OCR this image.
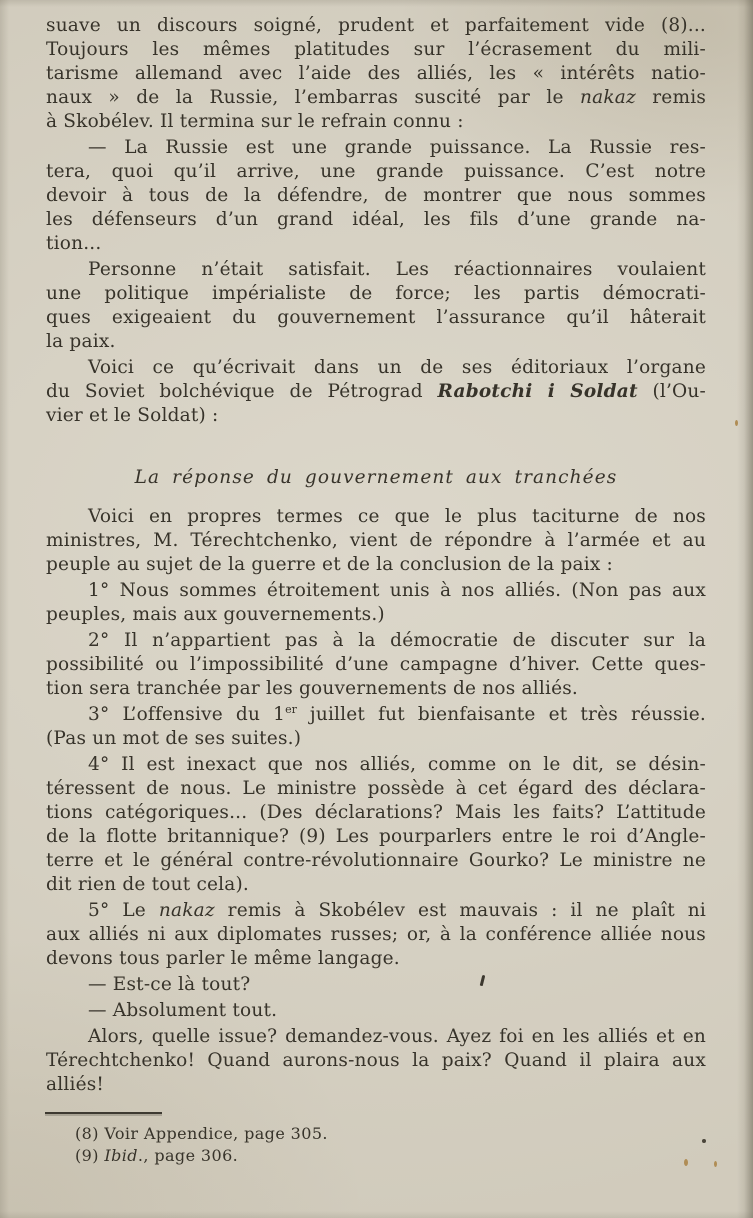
suave un discours soigné, prudent et parfaitement vide (8)...
Toujours les mêmes platitudes sur l’écrasement du mili-
tarisme allemand avec l’aide des alliés, les « intérêts natio-
naux » de la Russie, l’embarras suscité par le nakaz remis
à Skobélev. Il termina sur le refrain connu :
— La Russie est une grande puissance. La Russie res-
tera, quoi qu’il arrive, une grande puissance. C’est notre
devoir à tous de la défendre, de montrer que nous sommes
les défenseurs d’un grand idéal, les fils d’une grande na-
tion...
Personne n’était satisfait. Les réactionnaires voulaient
une politique impérialiste de force; les partis démocrati-
ques exigeaient du gouvernement l’assurance qu’il hâterait
la paix.
Voici ce qu’écrivait dans un de ses éditoriaux l’organe
du Soviet bolchévique de Pétrograd Rabotchi i Soldat (l’Ou-
vier et le Soldat) :
La réponse du gouvernement aux tranchées
Voici en propres termes ce que le plus taciturne de nos
ministres, M. Térechtchenko, vient de répondre à l’armée et au
peuple au sujet de la guerre et de la conclusion de la paix :
1° Nous sommes étroitement unis à nos alliés. (Non pas aux
peuples, mais aux gouvernements.)
2° Il n’appartient pas à la démocratie de discuter sur la
possibilité ou l’impossibilité d’une campagne d’hiver. Cette ques-
tion sera tranchée par les gouvernements de nos alliés.
3° L’offensive du 1er juillet fut bienfaisante et très réussie.
(Pas un mot de ses suites.)
4° Il est inexact que nos alliés, comme on le dit, se désin-
téressent de nous. Le ministre possède à cet égard des déclara-
tions catégoriques... (Des déclarations? Mais les faits? L’attitude
de la flotte britannique? (9) Les pourparlers entre le roi d’Angle-
terre et le général contre-révolutionnaire Gourko? Le ministre ne
dit rien de tout cela).
5° Le nakaz remis à Skobélev est mauvais : il ne plaît ni
aux alliés ni aux diplomates russes; or, à la conférence alliée nous
devons tous parler le même langage.
— Est-ce là tout?
— Absolument tout.
Alors, quelle issue? demandez-vous. Ayez foi en les alliés et en
Térechtchenko! Quand aurons-nous la paix? Quand il plaira aux
alliés!
(8) Voir Appendice, page 305.
(9) Ibid., page 306.
